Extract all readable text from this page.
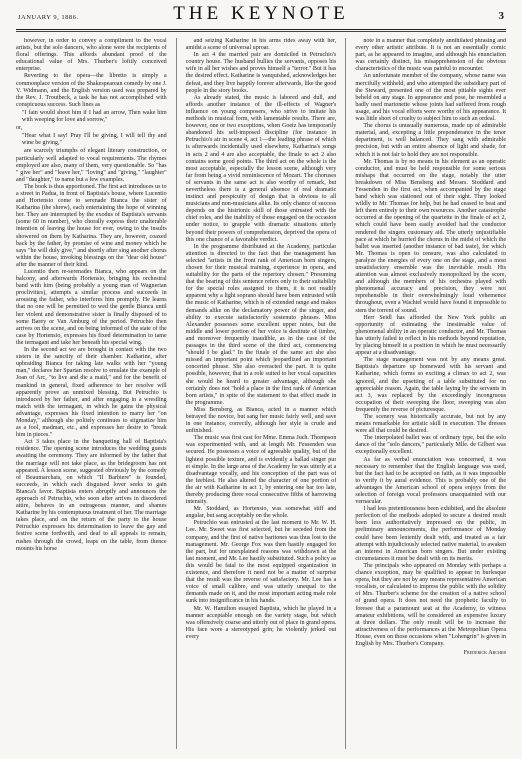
JANUARY 9, 1886.	THE KEYNOTE	3

however, in order to convey a compliment to the vocal artists, but the solo dancers, who alone were the recipients of floral offerings. This affords abundant proof of the educational value of Mrs. Thurber's loftily conceived enterprise.

Reverting to the opera—the libretto is simply a commonplace version of the Shakespearean comedy by one J. V. Widmann, and the English version used was prepared by the Rev. J. Troutbeck, a task he has not accomplished with conspicuous success. Such lines as

"I fain would shoot him if I had an arrow, Then wake him with weeping for love and sorrow,"

or,

"Hear what I say! Pray I'll be giving, I will tell thy and wine be giving,"

are scarcely triumphs of elegant literary construction, or particularly well adapted to vocal requirements. The rhymes employed are also, many of them, very questionable. So "has " give her" and "leave her," "loving" and "giving," "laughter" and "daughter," to name but a few examples.

The book is thus apportioned. The first act introduces us to a street in Padua, in front of Baptista's house, where Lucentio and Hortensio come to serenade Bianca the sister of Katharina (the shrew), each entertaining the hope of winning her. They are interrupted by the exodus of Baptista's servants (some 60 in number), who chorally express their unalterable intention of leaving the house for ever, owing to the insults showered on them by Katharina. They are, however, coaxed back by the father, by promise of wine and money which he says "he will duly give," and shortly after sing another chorus within the house, invoking blessings on the "dear old house" after the manner of their kind.

Lucentio then re-serenades Bianca, who appears on the balcony, and afterwards Hortensio, bringing his orchestral band with him (being probably a young man of Wagnerian proclivities), attempts a similar process and succeeds in arousing the father, who interferes him promptly. He learns that no one will be permitted to wed the gentle Bianca until her violent and demonstrative sister is finally disposed of to some Barey or Van Amburg of the period. Petruchio then arrives on the scene, and on being informed of the state of the case by Hortensio, expresses his fixed determination to tame the termagant and take her beneath his special wing.

In the second act we are brought in contact with the two sisters in the sanctity of their chamber. Katharine, after upbraiding Bianca for taking late walks with her "young man," declares her Spartan resolve to emulate the example of Joan of Arc, "to live and die a maid," and for the benefit of mankind in general, fixed adherence to her resolve will apparently prove an unmixed blessing. But Petruchio is introduced by her father, and after engaging in a wrestling match with the termagant, in which he gains the physical advantage, expresses his fixed intention to marry her "on Monday," although she politely continues to stigmatize him as a fool, madman, etc., and expresses her desire to "break him in pieces."

Act 3 takes place in the banqueting hall of Baptista's residence. The opening scene introduces the wedding guests awaiting the ceremony. They are informed by the father that the marriage will not take place, as the bridegroom has not appeared. A lesson scene, suggested obviously by the comedy of Beaumarchais, on which "Il Barbiere" is founded, succeeds, in which each disguised lover seeks to gain Bianca's favor. Baptista enters abruptly and announces the approach of Petruchio, who soon after arrives in disordered attire, behaves in an outrageous manner, and shames Katharine by his contemptuous treatment of her. The marriage takes place, and on the return of the party to the house Petruchio expresses his determination to leave the gay and festive scene forthwith, and deaf to all appeals to remain, rushes through the crowd, leaps on the table, from thence mounts his horse

and seizing Katharine in his arms rides away with her, amidst a scene of universal uproar.

In act 4 the married pair are domiciled in Petruchio's country house. The husband bullies the servants, opposes his wife in all her wishes and proves himself a "terror." But it has the desired effect. Katharine is vanquished, acknowledges her defeat, and they live happily forever afterwards, like the good people in the story books.

As already stated, the music is labored and dull, and affords another instance of the ill-effects of Wagner's influence on young composers, who strive to imitate his methods in musical form, with lamentable results. There are, however, one or two exceptions, when Goetz has temporarily abandoned his self-imposed discipline (for instance in Petruchio's air in scene 4, act 1—the leading phrase of which is afterwards incidentally used elsewhere, Katharina's songs in acts 2 and 4 are also acceptable, the finale to act 2 also contains some good points. The third act on the whole is the most acceptable, especially the lesson scene, although very far from being a vivid reminiscence of Mozart. The choruses of servants in the same act is also worthy of remark, but nevertheless there is a general absence of real dramatic instinct and perspicuity of design that is obvious to all musicians and non-musicians alike. Its only chance of success depends on the histrionic skill of those entrusted with the chief roles, and the inability of those engaged on the occasion under notice, to grapple with dramatic situations utterly beyond their powers of comprehension, deprived the opera of this one chance of a favorable verdict.

In the programme distributed at the Academy, particular attention is directed to the fact that the management has selected "artists in the front rank of American born singers, chosen for their musical training, experience in opera, and suitability for the parts of the repertory chosen." Presuming that the bearing of this sentence refers only to their suitability for the special roles assigned to them, it is not readily apparent why a light soprano should have been entrusted with the music of Katharine, which is of extended range and makes demands alike on the declamatory power of the singer, and ability to execute satisfactorily sostenuto phrases. Miss Alexander possesses some excellent upper notes, but the middle and lower portion of her voice is destitute of timbre, and moreover frequently inaudible, as in the case of the passages in the third scene of the third act, commencing "should I be glad." In the finale of the same act she also missed an important point which jeopardized an important concerted phrase. She also overacted the part. It is quite possible, however, that in a role suited to her vocal capacities she would be heard to greater advantage, although she certainly does not "hold a place in the first rank of American born artists," in spite of the statement to that effect made in the programme.

Miss Bensberg, as Bianca, acted in a manner which betrayed the novice, but sang her music fairly well, and save in one instance, correctly, although her style is crude and unfinished.

The music was first cast for Mme. Emma Juch. Thompson was experimented with, and at length Mr. Fessenden was secured. He possesses a voice of agreeable quality, but of the lightest possible texture, and is evidently a ballad singer pur et simple. In the large area of the Academy he was utterly at a disadvantage vocally, and his conception of the part was of the feeblest. He also altered the character of one portion of the air with Katharine in act 1, by entering one bar too late, thereby producing three vocal consecutive fifths of harrowing intensity.

Mr. Stoddard, as Hortensio, was somewhat stiff and angular, but sang acceptably on the whole.

Petruchio was entrusted at the last moment to Mr. W. H. Lee. Mr. Sweet was first selected, but he seceded from the company, and the first of native baritones was thus lost to the management. Mr. George Fox was then hastily engaged for the part, but for unexplained reasons was withdrawn at the last moment, and Mr. Lee hastily substituted. Such a policy as this would be fatal to the most equipped organization in existence, and therefore it need not be a matter of surprise that the result was the reverse of satisfactory. Mr. Lee has a voice of small calibre, and was utterly unequal to the demands made on it, and the most important acting male role sunk into insignificance in his hands.

Mr. W. Hamilton essayed Baptista, which he played in a manner acceptable enough on the variety stage, but which was offensively coarse and utterly out of place in grand opera. His face wore a stereotyped grin; he violently jerked out every

note in a manner that completely annihilated phrasing and every other artistic attribute. It is not an essentially comic part, as he appeared to imagine, and although his enunciation was certainly distinct, his misapprehension of the obvious characteristics of the music was painful to encounter.

An unfortunate member of the company, whose name was mercifully withheld, and who attempted the subsidiary part of the Steward, presented one of the most pitiable sights ever beheld on any stage. In appearance and pose, he resembled a badly used marionette whose joints had suffered from rough usage, and his vocal efforts were worthy of his appearance. It was little short of cruelty to subject him to such an ordeal.

The chorus is unusually numerous, made up of admirable material, and, excepting a little preponderance in the tenor department, is well balanced. They sang with admirable precision, but with an entire absence of light and shade, for which it is not fair to hold they are not responsible.

Mr. Thomas is by no means in his element as an operatic conductor, and must be held responsible for some serious mishaps that occurred on the stage, notably the utter breakdown of Miss Bensberg and Messrs. Stoddard and Fessenden in the first act, when accompanied by the stage band which was stationed out of their sight. They looked wildly to Mr. Thomas for help, but he had ceased to beat and left them entirely to their own resources. Another catastrophe occurred at the opening of the quartette in the finale of act 2, which could have been easily avoided had the conductor rendered the singers customary aid. The utterly unjustifiable pace at which he hurried the chorus in the midst of which the ballet was inserted (another instance of bad taste), for which Mr. Thomas is open to censure, was also calculated to paralyze the energies of every one on the stage, and a most unsatisfactory ensemble was the inevitable result. His attention was almost exclusively monopolized by the score, and although the members of his orchestra played with phenomenal accuracy and precision, they were not reprehensible in their overwhelmingly loud vehemence throughout, even a Wachtel would have found it impossible to stem the torrent of sound.

Herr Seidl has afforded the New York public an opportunity of estimating the inestimable value of phenomenal ability in an operatic conductor, and Mr. Thomas has utterly failed to reflect in his methods beyond reputation, by placing himself in a position in which he must necessarily appear at a disadvantage.

The stage management was not by any means great. Baptista's departure up homeward with his servant and Katharine, which forms so exciting a climax to act 2, was ignored, and the upsetting of a table substituted for no appreciable reason. Again, the table laying by the servants in act 3, was replaced by the exceedingly incongruous occupation of their sweeping the floor, sweeping was also frequently the reverse of picturesque.

The scenery was historically accurate, but not by any means remarkable for artistic skill in execution. The dresses were all that could be desired.

The interpolated ballet was of ordinary type, but the solo dance of the "solo dancers," particularly Mlle. de Gilbert was exceptionally excellent.

As far as verbal enunciation was concerned, it was necessary to remember that the English language was used, but the fact had to be accepted on faith, as it was impossible to verify it by aural evidence. This is probably one of the advantages the American school of opera enjoys from the selection of foreign vocal professors unacquainted with our vernacular.

I had less pretentiousness been exhibited, and the absolute perfection of the methods adopted to secure a desired result been less authoritatively impressed on the public, in preliminary announcements, the performance of Monday could have been leniently dealt with, and treated as a fair attempt with injudiciously selected native material, to awaken an interest in American born singers. But under existing circumstances it must be dealt with on its merits.

The principals who appeared on Monday with perhaps a chance exception, may be qualified to appear in burlesque opera, but they are not by any means representative American vocalists, or calculated to impress the public with the solidity of Mrs. Thurber's scheme for the creation of a native school of grand opera. It does not need the prophetic faculty to foresee that a paramount seat at the Academy, to witness amateur exhibitions, will be considered an expensive luxury at three dollars. The only result will be to increase the attractiveness of the performances at the Metropolitan Opera House, even on those occasions when "Lohengrin" is given in English by Mrs. Thurber's Company.

Frederick Archer
